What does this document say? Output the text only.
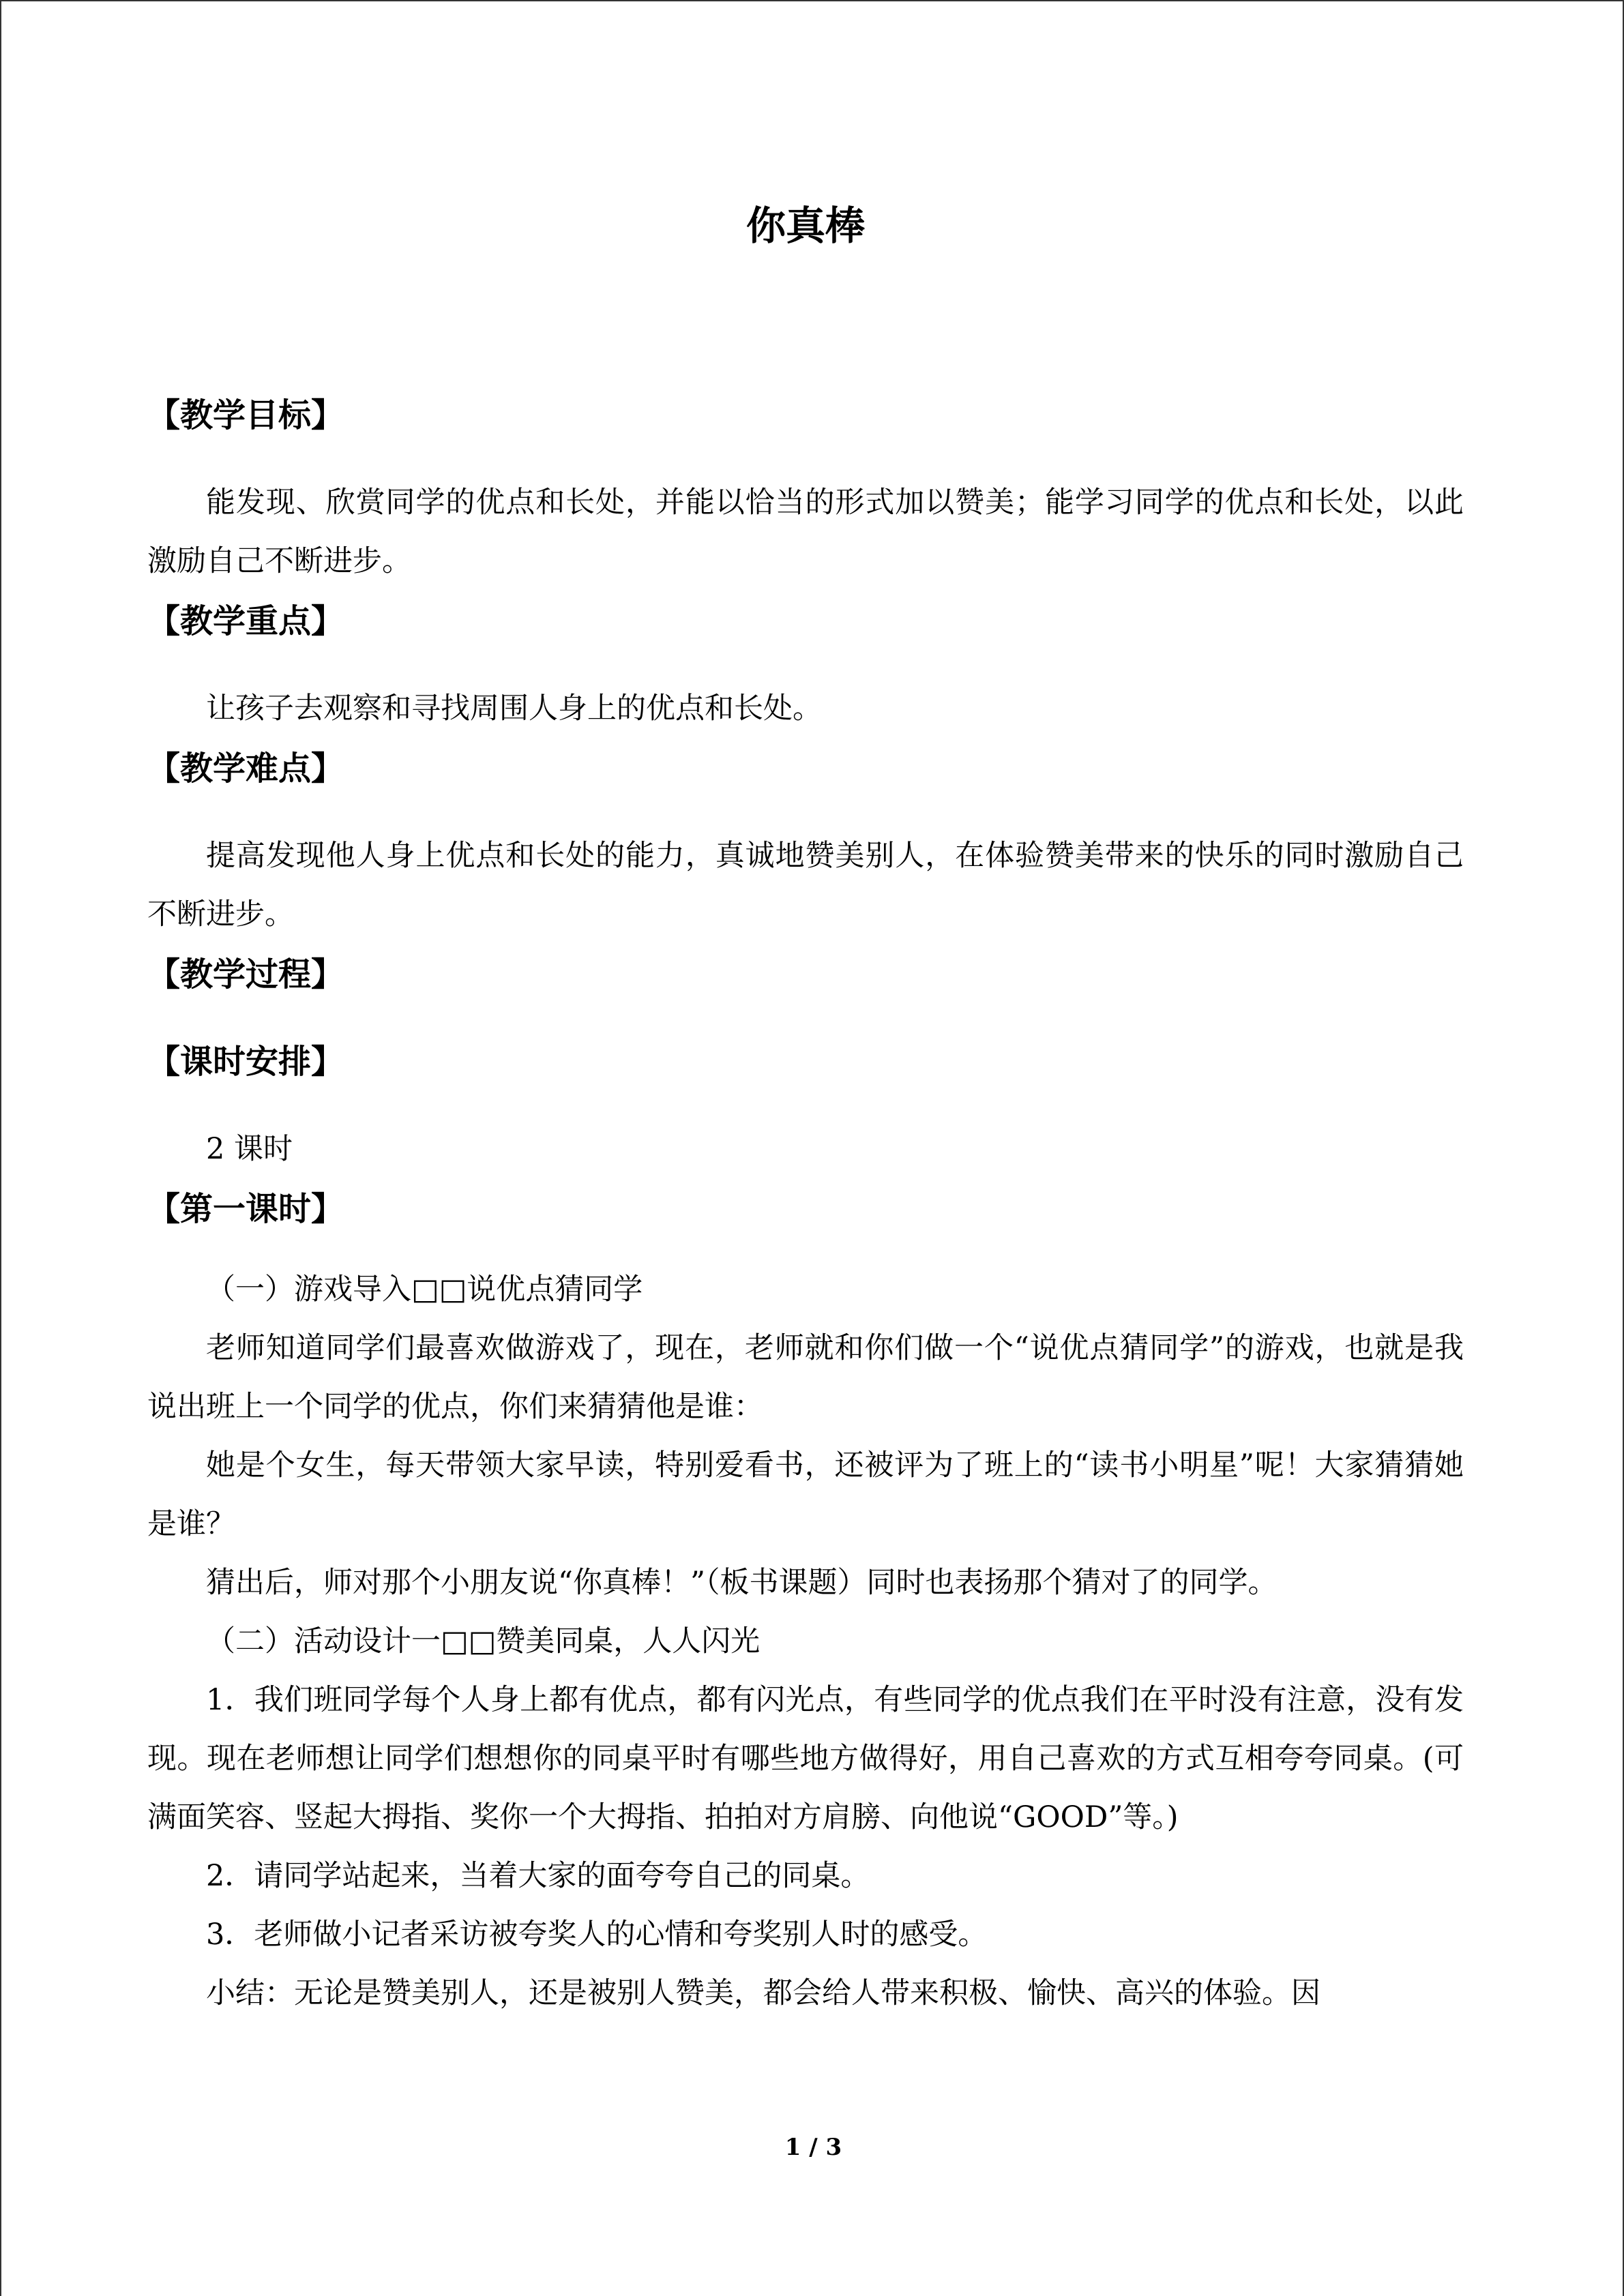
你真棒
【教学目标】

能发现、欣赏同学的优点和长处，并能以恰当的形式加以赞美；能学习同学的优点和长处，以此激励自己不断进步。

【教学重点】

让孩子去观察和寻找周围人身上的优点和长处。

【教学难点】

提高发现他人身上优点和长处的能力，真诚地赞美别人，在体验赞美带来的快乐的同时激励自己不断进步。

【教学过程】
【课时安排】

2 课时

【第一课时】

（一）游戏导入□□说优点猜同学

老师知道同学们最喜欢做游戏了，现在，老师就和你们做一个“说优点猜同学”的游戏，也就是我说出班上一个同学的优点，你们来猜猜他是谁：

她是个女生，每天带领大家早读，特别爱看书，还被评为了班上的“读书小明星”呢！大家猜猜她是谁？

猜出后，师对那个小朋友说“你真棒！”（板书课题）同时也表扬那个猜对了的同学。

（二）活动设计一□□赞美同桌，人人闪光

1．我们班同学每个人身上都有优点，都有闪光点，有些同学的优点我们在平时没有注意，没有发现。现在老师想让同学们想想你的同桌平时有哪些地方做得好，用自己喜欢的方式互相夸夸同桌。(可满面笑容、竖起大拇指、奖你一个大拇指、拍拍对方肩膀、向他说“GOOD”等。)

2．请同学站起来，当着大家的面夸夸自己的同桌。

3．老师做小记者采访被夸奖人的心情和夸奖别人时的感受。

小结：无论是赞美别人，还是被别人赞美，都会给人带来积极、愉快、高兴的体验。因

1 / 3
